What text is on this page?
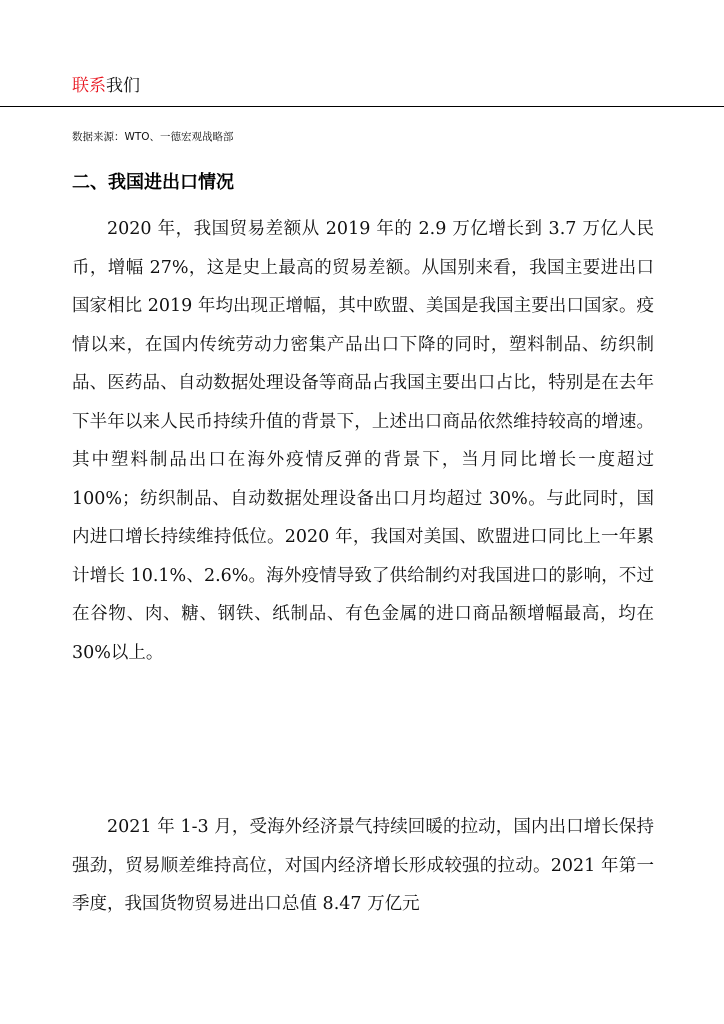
联系我们
数据来源：WTO、一德宏观战略部
二、我国进出口情况

2020 年，我国贸易差额从 2019 年的 2.9 万亿增长到 3.7 万亿人民币，增幅 27%，这是史上最高的贸易差额。从国别来看，我国主要进出口国家相比 2019 年均出现正增幅，其中欧盟、美国是我国主要出口国家。疫情以来，在国内传统劳动力密集产品出口下降的同时，塑料制品、纺织制品、医药品、自动数据处理设备等商品占我国主要出口占比，特别是在去年下半年以来人民币持续升值的背景下，上述出口商品依然维持较高的增速。其中塑料制品出口在海外疫情反弹的背景下，当月同比增长一度超过 100%；纺织制品、自动数据处理设备出口月均超过 30%。与此同时，国内进口增长持续维持低位。2020 年，我国对美国、欧盟进口同比上一年累计增长 10.1%、2.6%。海外疫情导致了供给制约对我国进口的影响，不过在谷物、肉、糖、钢铁、纸制品、有色金属的进口商品额增幅最高，均在 30%以上。

2021 年 1-3 月，受海外经济景气持续回暖的拉动，国内出口增长保持强劲，贸易顺差维持高位，对国内经济增长形成较强的拉动。2021 年第一季度，我国货物贸易进出口总值 8.47 万亿元
